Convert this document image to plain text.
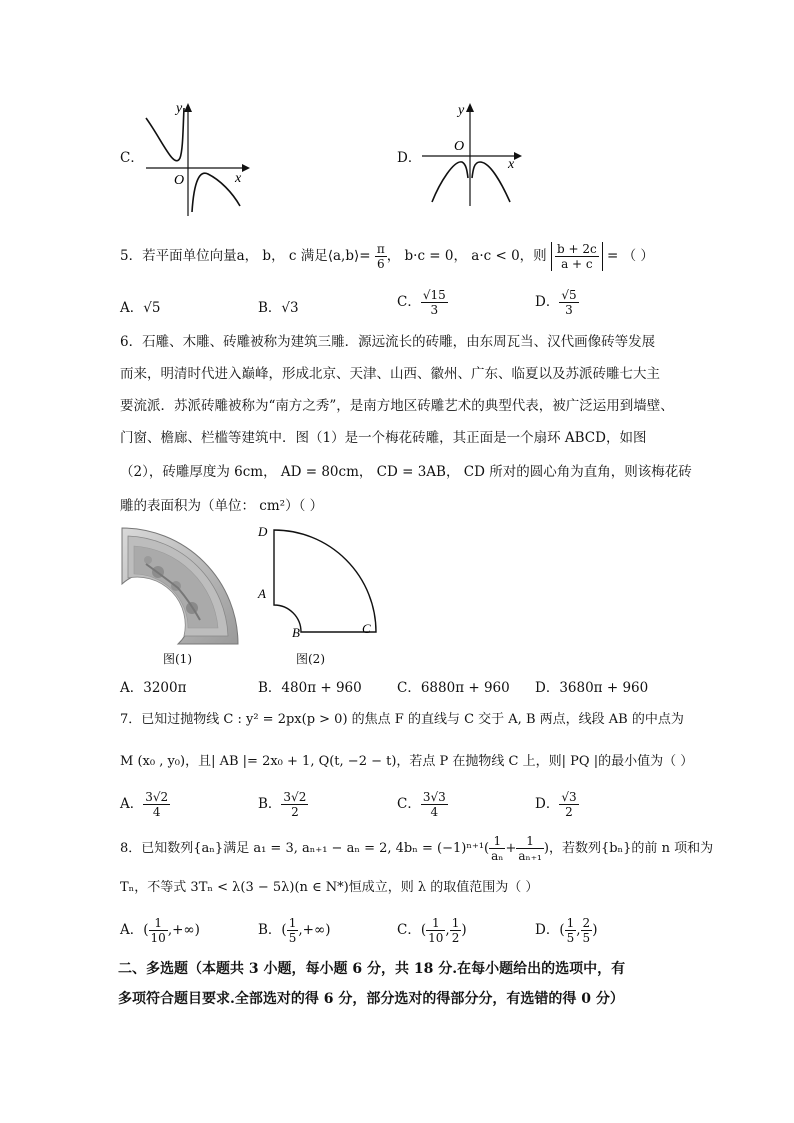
C．
y
x
O
D．
y
x
O
5．若平面单位向量a， b， c 满足⟨a,b⟩= $\frac{\pi}{6}$ ， b·c = 0， a·c < 0，则 $\frac{b + 2c}{a + c}$ = （ ）
A．√5	B．√3	C． $\frac{√15}{3}$	D． $\frac{√5}{3}$
6．石雕、木雕、砖雕被称为建筑三雕．源远流长的砖雕，由东周瓦当、汉代画像砖等发展
而来，明清时代进入巅峰，形成北京、天津、山西、徽州、广东、临夏以及苏派砖雕七大主
要流派．苏派砖雕被称为“南方之秀”，是南方地区砖雕艺术的典型代表，被广泛运用到墙壁、
门窗、檐廊、栏槛等建筑中．图（1）是一个梅花砖雕，其正面是一个扇环 ABCD，如图
（2），砖雕厚度为 6cm， AD = 80cm， CD = 3AB， CD 所对的圆心角为直角，则该梅花砖
雕的表面积为（单位： cm²）（ ）
图(1)
D
A
B	C
图(2)
A．3200π	B．480π + 960	C．6880π + 960 D．3680π + 960
7．已知过抛物线 C : y² = 2px(p > 0) 的焦点 F 的直线与 C 交于 A, B 两点，线段 AB 的中点为
M (x₀ , y₀)，且| AB |= 2x₀ + 1, Q(t, −2 − t)，若点 P 在抛物线 C 上，则| PQ |的最小值为（ ）
A． $\frac{3√2}{4}$	B． $\frac{3√2}{2}$	C． $\frac{3√3}{4}$	D． $\frac{√3}{2}$
8．已知数列{aₙ}满足 a₁ = 3, aₙ₊₁ − aₙ = 2, $4b_n = (-1)^{n+1}( \frac{1}{\text{aₙ}} + \frac{1}{\text{aₙ₊₁}}$ )，若数列{bₙ}的前 n 项和为
Tₙ，不等式 3Tₙ < λ(3 − 5λ)(n ∈ N*)恒成立，则 λ 的取值范围为（ ）
A．( $\frac{1}{10}$ ,+∞)	B．( $\frac{1}{5}$ ,+∞)	C．( $\frac{1}{10}$ , $\frac{1}{2}$ )	D．( $\frac{1}{5}$ , $\frac{2}{5}$ )
二、多选题（本题共 3 小题，每小题 6 分，共 18 分.在每小题给出的选项中，有
多项符合题目要求.全部选对的得 6 分，部分选对的得部分分，有选错的得 0 分）
